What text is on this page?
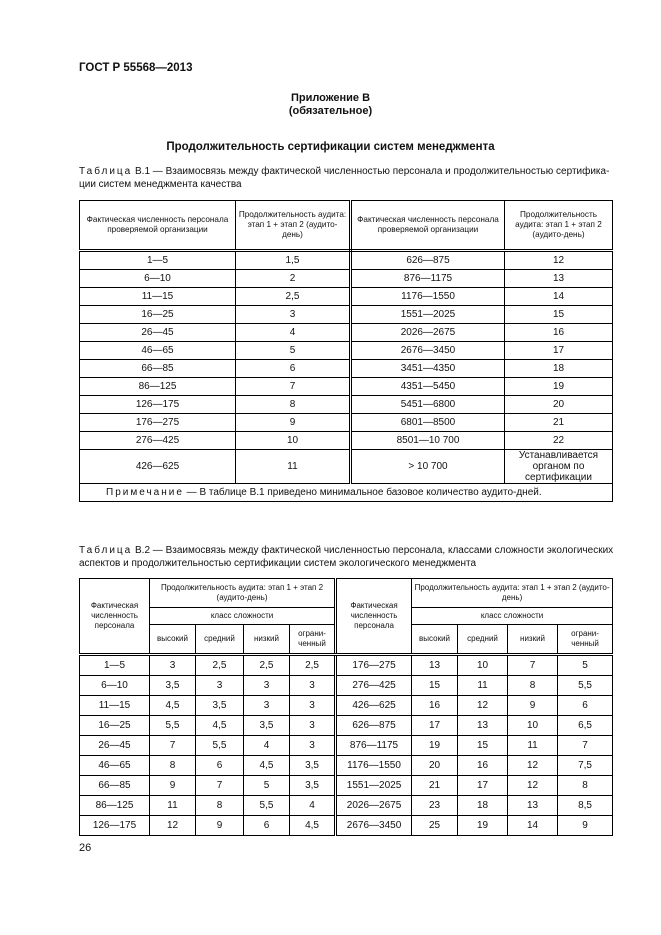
ГОСТ Р 55568—2013
Приложение В
(обязательное)
Продолжительность сертификации систем менеджмента
Таблица В.1 — Взаимосвязь между фактической численностью персонала и продолжительностью сертифика-ции систем менеджмента качества
Фактическая численность персонала проверяемой организации	Продолжительность аудита: этап 1 + этап 2 (аудито-день)	Фактическая численность персонала проверяемой организации	Продолжительность аудита: этап 1 + этап 2 (аудито-день)
1—5	1,5	626—875	12
6—10	2	876—1175	13
11—15	2,5	1176—1550	14
16—25	3	1551—2025	15
26—45	4	2026—2675	16
46—65	5	2676—3450	17
66—85	6	3451—4350	18
86—125	7	4351—5450	19
126—175	8	5451—6800	20
176—275	9	6801—8500	21
276—425	10	8501—10 700	22
426—625	11	> 10 700	Устанавливается органом по сертификации
Примечание — В таблице В.1 приведено минимальное базовое количество аудито-дней.			
Таблица В.2 — Взаимосвязь между фактической численностью персонала, классами сложности экологических аспектов и продолжительностью сертификации систем экологического менеджмента
Фактическая численность персонала	Продолжительность аудита: этап 1 + этап 2 (аудито-день)				Фактическая численность персонала	Продолжительность аудита: этап 1 + этап 2 (аудито-день)			
	класс сложности					класс сложности			
	высокий	средний	низкий	ограни-ченный		высокий	средний	низкий	ограни-ченный
1—5	3	2,5	2,5	2,5	176—275	13	10	7	5
6—10	3,5	3	3	3	276—425	15	11	8	5,5
11—15	4,5	3,5	3	3	426—625	16	12	9	6
16—25	5,5	4,5	3,5	3	626—875	17	13	10	6,5
26—45	7	5,5	4	3	876—1175	19	15	11	7
46—65	8	6	4,5	3,5	1176—1550	20	16	12	7,5
66—85	9	7	5	3,5	1551—2025	21	17	12	8
86—125	11	8	5,5	4	2026—2675	23	18	13	8,5
126—175	12	9	6	4,5	2676—3450	25	19	14	9
26
